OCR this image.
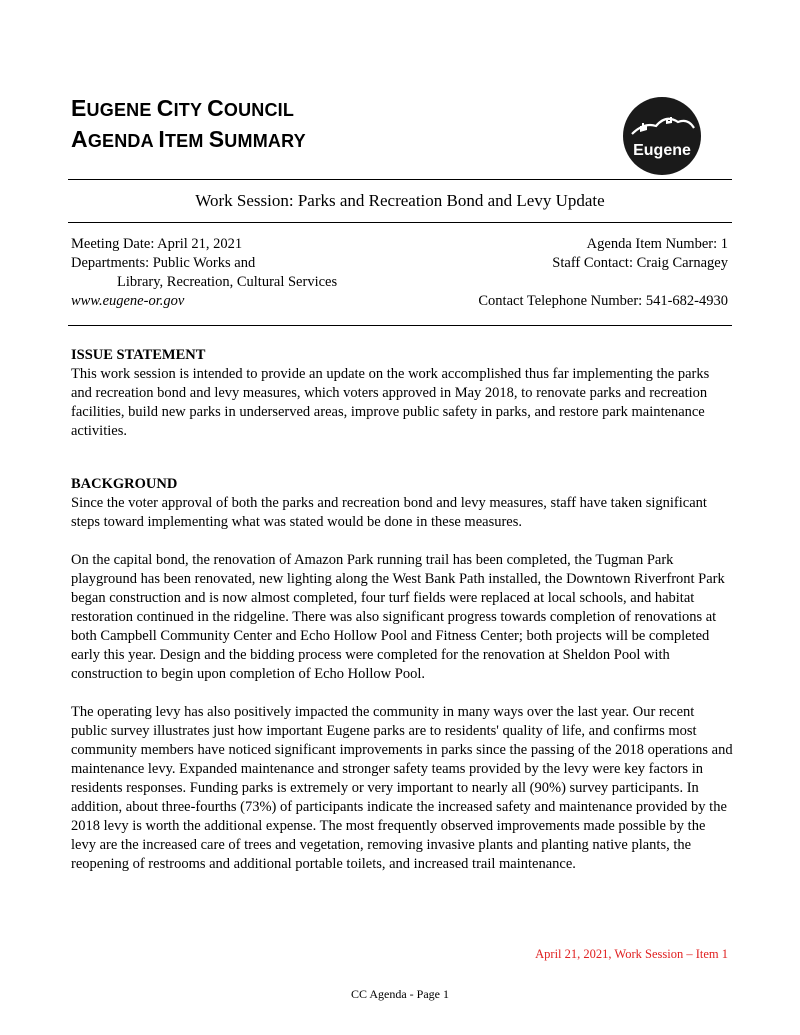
EUGENE CITY COUNCIL
AGENDA ITEM SUMMARY	Eugene
Work Session: Parks and Recreation Bond and Levy Update
Meeting Date: April 21, 2021
Departments: Public Works and
Library, Recreation, Cultural Services
www.eugene-or.gov
Agenda Item Number: 1
Staff Contact: Craig Carnagey
Contact Telephone Number: 541-682-4930
ISSUE STATEMENT

This work session is intended to provide an update on the work accomplished thus far implementing the parks and recreation bond and levy measures, which voters approved in May 2018, to renovate parks and recreation facilities, build new parks in underserved areas, improve public safety in parks, and restore park maintenance activities.

BACKGROUND

Since the voter approval of both the parks and recreation bond and levy measures, staff have taken significant steps toward implementing what was stated would be done in these measures.

On the capital bond, the renovation of Amazon Park running trail has been completed, the Tugman Park playground has been renovated, new lighting along the West Bank Path installed, the Downtown Riverfront Park began construction and is now almost completed, four turf fields were replaced at local schools, and habitat restoration continued in the ridgeline. There was also significant progress towards completion of renovations at both Campbell Community Center and Echo Hollow Pool and Fitness Center; both projects will be completed early this year. Design and the bidding process were completed for the renovation at Sheldon Pool with construction to begin upon completion of Echo Hollow Pool.

The operating levy has also positively impacted the community in many ways over the last year. Our recent public survey illustrates just how important Eugene parks are to residents' quality of life, and confirms most community members have noticed significant improvements in parks since the passing of the 2018 operations and maintenance levy. Expanded maintenance and stronger safety teams provided by the levy were key factors in residents responses. Funding parks is extremely or very important to nearly all (90%) survey participants. In addition, about three-fourths (73%) of participants indicate the increased safety and maintenance provided by the 2018 levy is worth the additional expense. The most frequently observed improvements made possible by the levy are the increased care of trees and vegetation, removing invasive plants and planting native plants, the reopening of restrooms and additional portable toilets, and increased trail maintenance.

April 21, 2021, Work Session – Item 1
CC Agenda - Page 1
